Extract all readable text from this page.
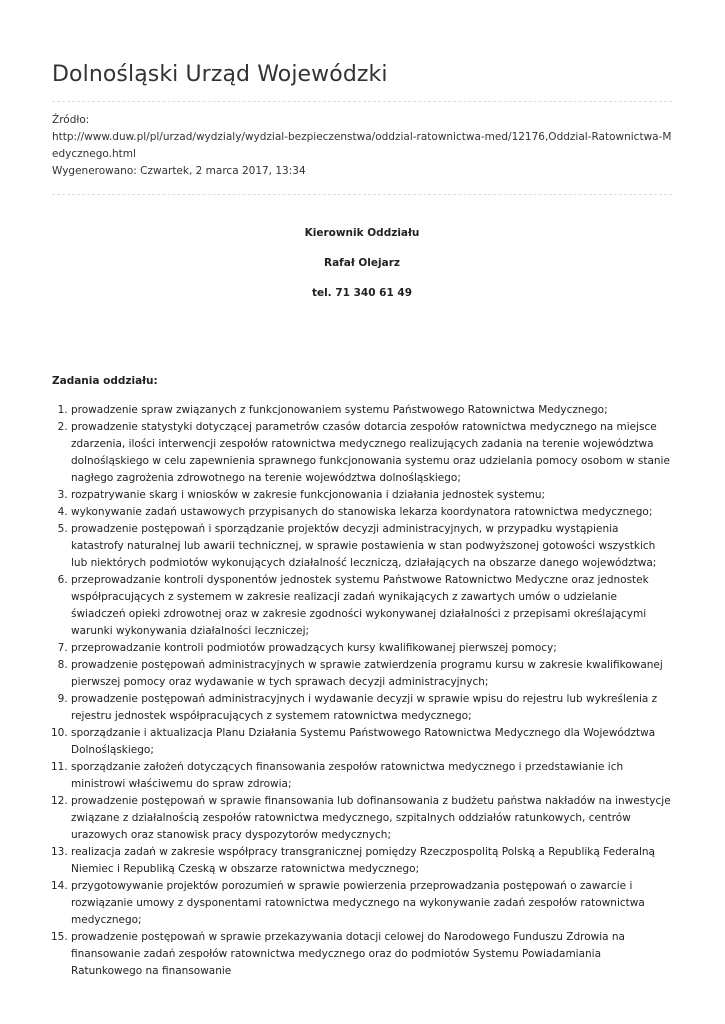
Dolnośląski Urząd Wojewódzki
Źródło:
http://www.duw.pl/pl/urzad/wydzialy/wydzial-bezpieczenstwa/oddzial-ratownictwa-med/12176,Oddzial-Ratownictwa-Medycznego.html
Wygenerowano: Czwartek, 2 marca 2017, 13:34
Kierownik Oddziału
Rafał Olejarz
tel. 71 340 61 49

Zadania oddziału:

1. prowadzenie spraw związanych z funkcjonowaniem systemu Państwowego Ratownictwa Medycznego;
2. prowadzenie statystyki dotyczącej parametrów czasów dotarcia zespołów ratownictwa medycznego na miejsce zdarzenia, ilości interwencji zespołów ratownictwa medycznego realizujących zadania na terenie województwa dolnośląskiego w celu zapewnienia sprawnego funkcjonowania systemu oraz udzielania pomocy osobom w stanie nagłego zagrożenia zdrowotnego na terenie województwa dolnośląskiego;
3. rozpatrywanie skarg i wniosków w zakresie funkcjonowania i działania jednostek systemu;
4. wykonywanie zadań ustawowych przypisanych do stanowiska lekarza koordynatora ratownictwa medycznego;
5. prowadzenie postępowań i sporządzanie projektów decyzji administracyjnych, w przypadku wystąpienia katastrofy naturalnej lub awarii technicznej, w sprawie postawienia w stan podwyższonej gotowości wszystkich lub niektórych podmiotów wykonujących działalność leczniczą, działających na obszarze danego województwa;
6. przeprowadzanie kontroli dysponentów jednostek systemu Państwowe Ratownictwo Medyczne oraz jednostek współpracujących z systemem w zakresie realizacji zadań wynikających z zawartych umów o udzielanie świadczeń opieki zdrowotnej oraz w zakresie zgodności wykonywanej działalności z przepisami określającymi warunki wykonywania działalności leczniczej;
7. przeprowadzanie kontroli podmiotów prowadzących kursy kwalifikowanej pierwszej pomocy;
8. prowadzenie postępowań administracyjnych w sprawie zatwierdzenia programu kursu w zakresie kwalifikowanej pierwszej pomocy oraz wydawanie w tych sprawach decyzji administracyjnych;
9. prowadzenie postępowań administracyjnych i wydawanie decyzji w sprawie wpisu do rejestru lub wykreślenia z rejestru jednostek współpracujących z systemem ratownictwa medycznego;
10. sporządzanie i aktualizacja Planu Działania Systemu Państwowego Ratownictwa Medycznego dla Województwa Dolnośląskiego;
11. sporządzanie założeń dotyczących finansowania zespołów ratownictwa medycznego i przedstawianie ich ministrowi właściwemu do spraw zdrowia;
12. prowadzenie postępowań w sprawie finansowania lub dofinansowania z budżetu państwa nakładów na inwestycje związane z działalnością zespołów ratownictwa medycznego, szpitalnych oddziałów ratunkowych, centrów urazowych oraz stanowisk pracy dyspozytorów medycznych;
13. realizacja zadań w zakresie współpracy transgranicznej pomiędzy Rzeczpospolitą Polską a Republiką Federalną Niemiec i Republiką Czeską w obszarze ratownictwa medycznego;
14. przygotowywanie projektów porozumień w sprawie powierzenia przeprowadzania postępowań o zawarcie i rozwiązanie umowy z dysponentami ratownictwa medycznego na wykonywanie zadań zespołów ratownictwa medycznego;
15. prowadzenie postępowań w sprawie przekazywania dotacji celowej do Narodowego Funduszu Zdrowia na finansowanie zadań zespołów ratownictwa medycznego oraz do podmiotów Systemu Powiadamiania Ratunkowego na finansowanie
